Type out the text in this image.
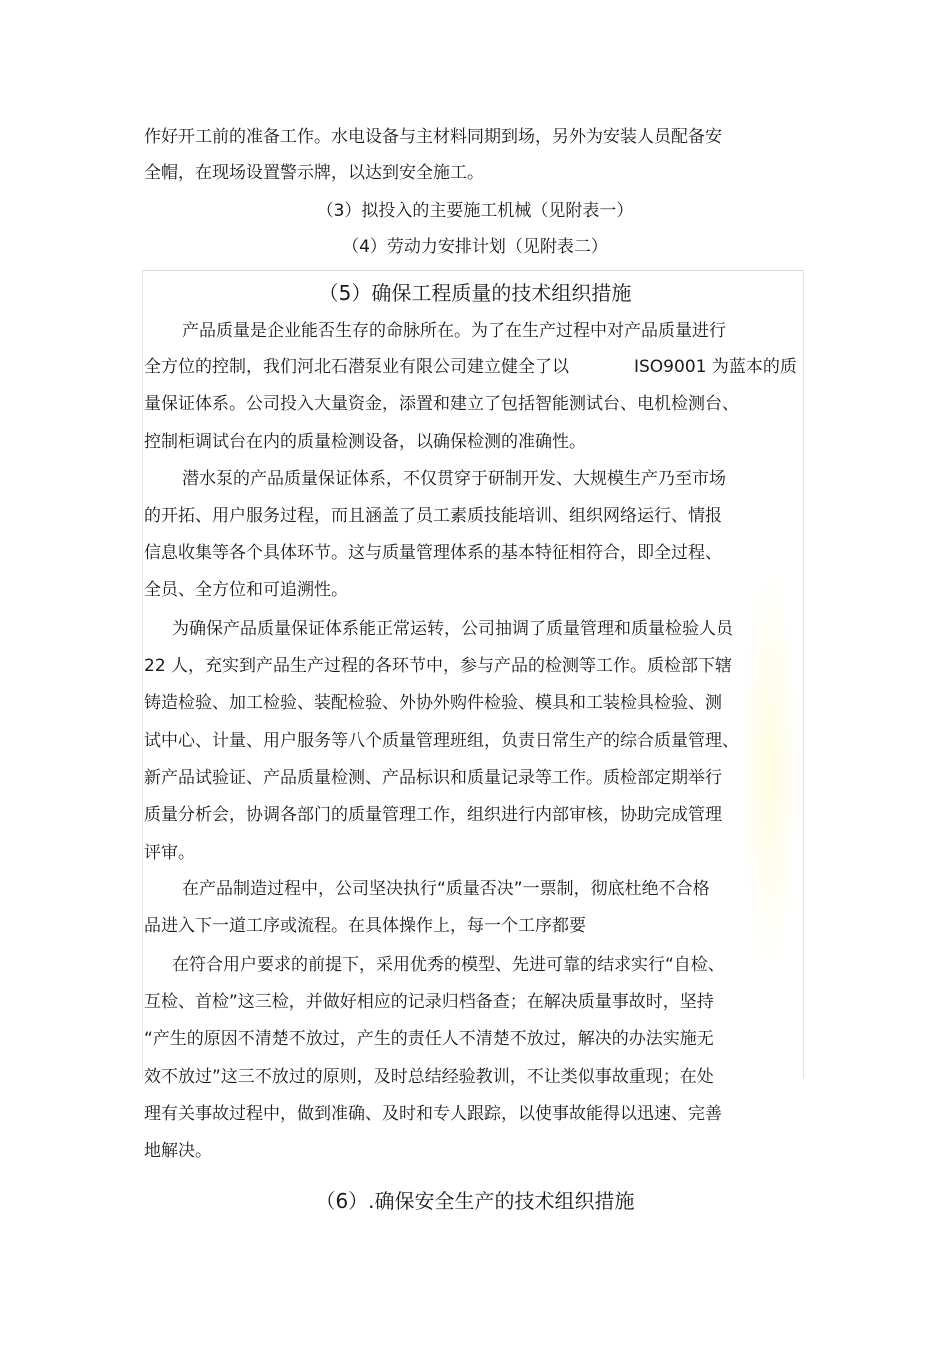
作好开工前的准备工作。水电设备与主材料同期到场，另外为安装人员配备安
全帽，在现场设置警示牌，以达到安全施工。
（3）拟投入的主要施工机械（见附表一）
（4）劳动力安排计划（见附表二）
（5）确保工程质量的技术组织措施
产品质量是企业能否生存的命脉所在。为了在生产过程中对产品质量进行
全方位的控制，我们河北石潜泵业有限公司建立健全了以	ISO9001 为蓝本的质
量保证体系。公司投入大量资金，添置和建立了包括智能测试台、电机检测台、
控制柜调试台在内的质量检测设备，以确保检测的准确性。
潜水泵的产品质量保证体系，不仅贯穿于研制开发、大规模生产乃至市场
的开拓、用户服务过程，而且涵盖了员工素质技能培训、组织网络运行、情报
信息收集等各个具体环节。这与质量管理体系的基本特征相符合，即全过程、
全员、全方位和可追溯性。
为确保产品质量保证体系能正常运转，公司抽调了质量管理和质量检验人员
22 人，充实到产品生产过程的各环节中，参与产品的检测等工作。质检部下辖
铸造检验、加工检验、装配检验、外协外购件检验、模具和工装检具检验、测
试中心、计量、用户服务等八个质量管理班组，负责日常生产的综合质量管理、
新产品试验证、产品质量检测、产品标识和质量记录等工作。质检部定期举行
质量分析会，协调各部门的质量管理工作，组织进行内部审核，协助完成管理
评审。
在产品制造过程中，公司坚决执行“质量否决”一票制，彻底杜绝不合格
品进入下一道工序或流程。在具体操作上，每一个工序都要
在符合用户要求的前提下，采用优秀的模型、先进可靠的结求实行“自检、
互检、首检”这三检，并做好相应的记录归档备查；在解决质量事故时，坚持
“产生的原因不清楚不放过，产生的责任人不清楚不放过，解决的办法实施无
效不放过”这三不放过的原则，及时总结经验教训，不让类似事故重现；在处
理有关事故过程中，做到准确、及时和专人跟踪，以使事故能得以迅速、完善
地解决。
（6）.确保安全生产的技术组织措施
